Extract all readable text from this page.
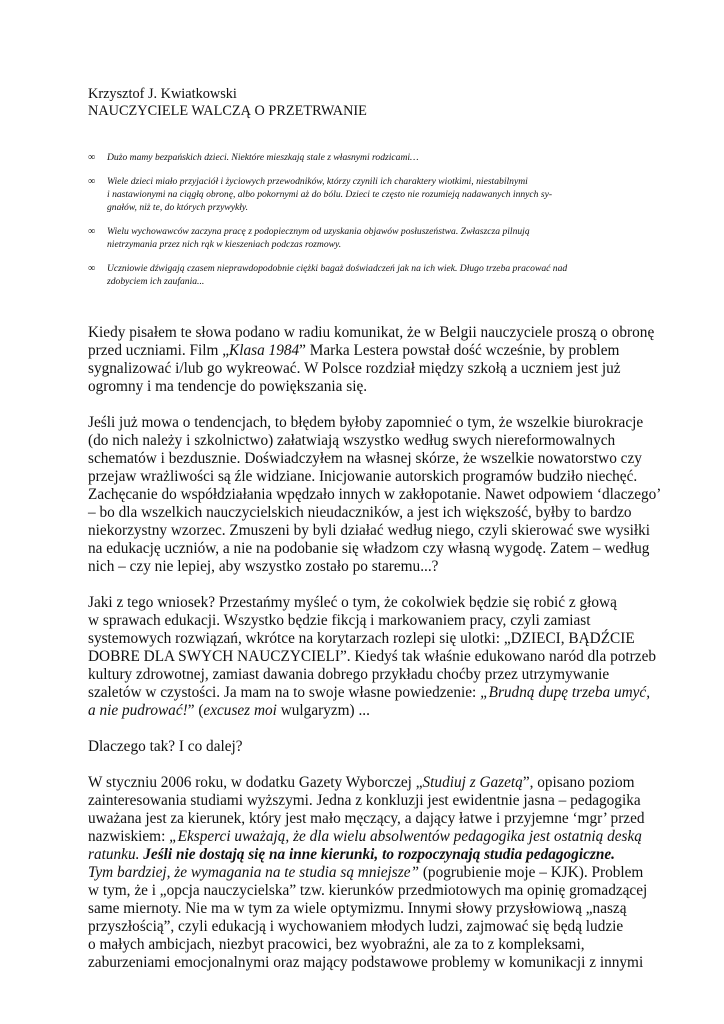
Krzysztof J. Kwiatkowski

NAUCZYCIELE WALCZĄ O PRZETRWANIE

∞ Dużo mamy bezpańskich dzieci. Niektóre mieszkają stale z własnymi rodzicami…
∞ Wiele dzieci miało przyjaciół i życiowych przewodników, którzy czynili ich charaktery wiotkimi, niestabilnymi
i nastawionymi na ciągłą obronę, albo pokornymi aż do bólu. Dzieci te często nie rozumieją nadawanych innych sy-
gnałów, niż te, do których przywykły.
∞ Wielu wychowawców zaczyna pracę z podopiecznym od uzyskania objawów posłuszeństwa. Zwłaszcza pilnują
nietrzymania przez nich rąk w kieszeniach podczas rozmowy.
∞ Uczniowie dźwigają czasem nieprawdopodobnie ciężki bagaż doświadczeń jak na ich wiek. Długo trzeba pracować nad
zdobyciem ich zaufania...

Kiedy pisałem te słowa podano w radiu komunikat, że w Belgii nauczyciele proszą o obronę
przed uczniami. Film „Klasa 1984” Marka Lestera powstał dość wcześnie, by problem
sygnalizować i/lub go wykreować. W Polsce rozdział między szkołą a uczniem jest już
ogromny i ma tendencje do powiększania się.

Jeśli już mowa o tendencjach, to błędem byłoby zapomnieć o tym, że wszelkie biurokracje
(do nich należy i szkolnictwo) załatwiają wszystko według swych niereformowalnych
schematów i bezdusznie. Doświadczyłem na własnej skórze, że wszelkie nowatorstwo czy
przejaw wrażliwości są źle widziane. Inicjowanie autorskich programów budziło niechęć.
Zachęcanie do współdziałania wpędzało innych w zakłopotanie. Nawet odpowiem ‘dlaczego’
– bo dla wszelkich nauczycielskich nieudaczników, a jest ich większość, byłby to bardzo
niekorzystny wzorzec. Zmuszeni by byli działać według niego, czyli skierować swe wysiłki
na edukację uczniów, a nie na podobanie się władzom czy własną wygodę. Zatem – według
nich – czy nie lepiej, aby wszystko zostało po staremu...?

Jaki z tego wniosek? Przestańmy myśleć o tym, że cokolwiek będzie się robić z głową
w sprawach edukacji. Wszystko będzie fikcją i markowaniem pracy, czyli zamiast
systemowych rozwiązań, wkrótce na korytarzach rozlepi się ulotki: „DZIECI, BĄDŹCIE
DOBRE DLA SWYCH NAUCZYCIELI”. Kiedyś tak właśnie edukowano naród dla potrzeb
kultury zdrowotnej, zamiast dawania dobrego przykładu choćby przez utrzymywanie
szaletów w czystości. Ja mam na to swoje własne powiedzenie: „Brudną dupę trzeba umyć,
a nie pudrować!” (excusez moi wulgaryzm) ...

Dlaczego tak? I co dalej?

W styczniu 2006 roku, w dodatku Gazety Wyborczej „Studiuj z Gazetą”, opisano poziom
zainteresowania studiami wyższymi. Jedna z konkluzji jest ewidentnie jasna – pedagogika
uważana jest za kierunek, który jest mało męczący, a dający łatwe i przyjemne ‘mgr’ przed
nazwiskiem: „Eksperci uważają, że dla wielu absolwentów pedagogika jest ostatnią deską
ratunku. Jeśli nie dostają się na inne kierunki, to rozpoczynają studia pedagogiczne.
Tym bardziej, że wymagania na te studia są mniejsze” (pogrubienie moje – KJK). Problem
w tym, że i „opcja nauczycielska” tzw. kierunków przedmiotowych ma opinię gromadzącej
same miernoty. Nie ma w tym za wiele optymizmu. Innymi słowy przysłowiową „naszą
przyszłością”, czyli edukacją i wychowaniem młodych ludzi, zajmować się będą ludzie
o małych ambicjach, niezbyt pracowici, bez wyobraźni, ale za to z kompleksami,
zaburzeniami emocjonalnymi oraz mający podstawowe problemy w komunikacji z innymi
